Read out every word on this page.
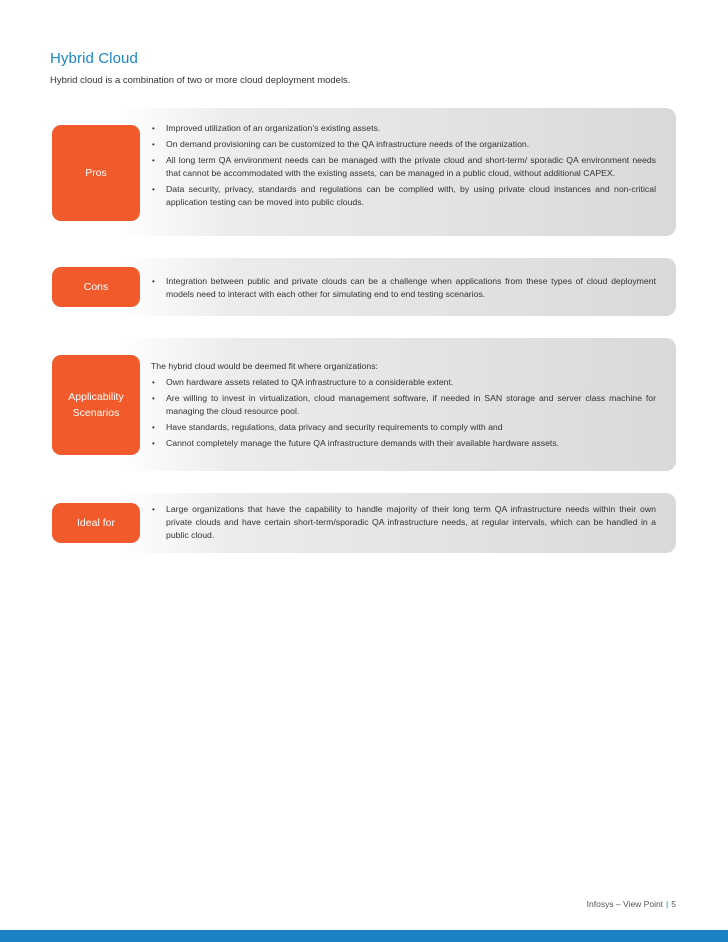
Hybrid Cloud
Hybrid cloud is a combination of two or more cloud deployment models.
Pros
• Improved utilization of an organization’s existing assets.
• On demand provisioning can be customized to the QA infrastructure needs of the organization.
• All long term QA environment needs can be managed with the private cloud and short-term/ sporadic QA environment needs that cannot be accommodated with the existing assets, can be managed in a public cloud, without additional CAPEX.
• Data security, privacy, standards and regulations can be complied with, by using private cloud instances and non-critical application testing can be moved into public clouds.
Cons
•	Integration between public and private clouds can be a challenge when applications from these types of cloud deployment models need to interact with each other for simulating end to end testing scenarios.
Applicability Scenarios
The hybrid cloud would be deemed fit where organizations:
• Own hardware assets related to QA infrastructure to a considerable extent.
• Are willing to invest in virtualization, cloud management software, if needed in SAN storage and server class machine for managing the cloud resource pool.
• Have standards, regulations, data privacy and security requirements to comply with and
• Cannot completely manage the future QA infrastructure demands with their available hardware assets.
Ideal for
• Large organizations that have the capability to handle majority of their long term QA infrastructure needs within their own private clouds and have certain short-term/sporadic QA infrastructure needs, at regular intervals, which can be handled in a public cloud.
Infosys – View Point | 5
